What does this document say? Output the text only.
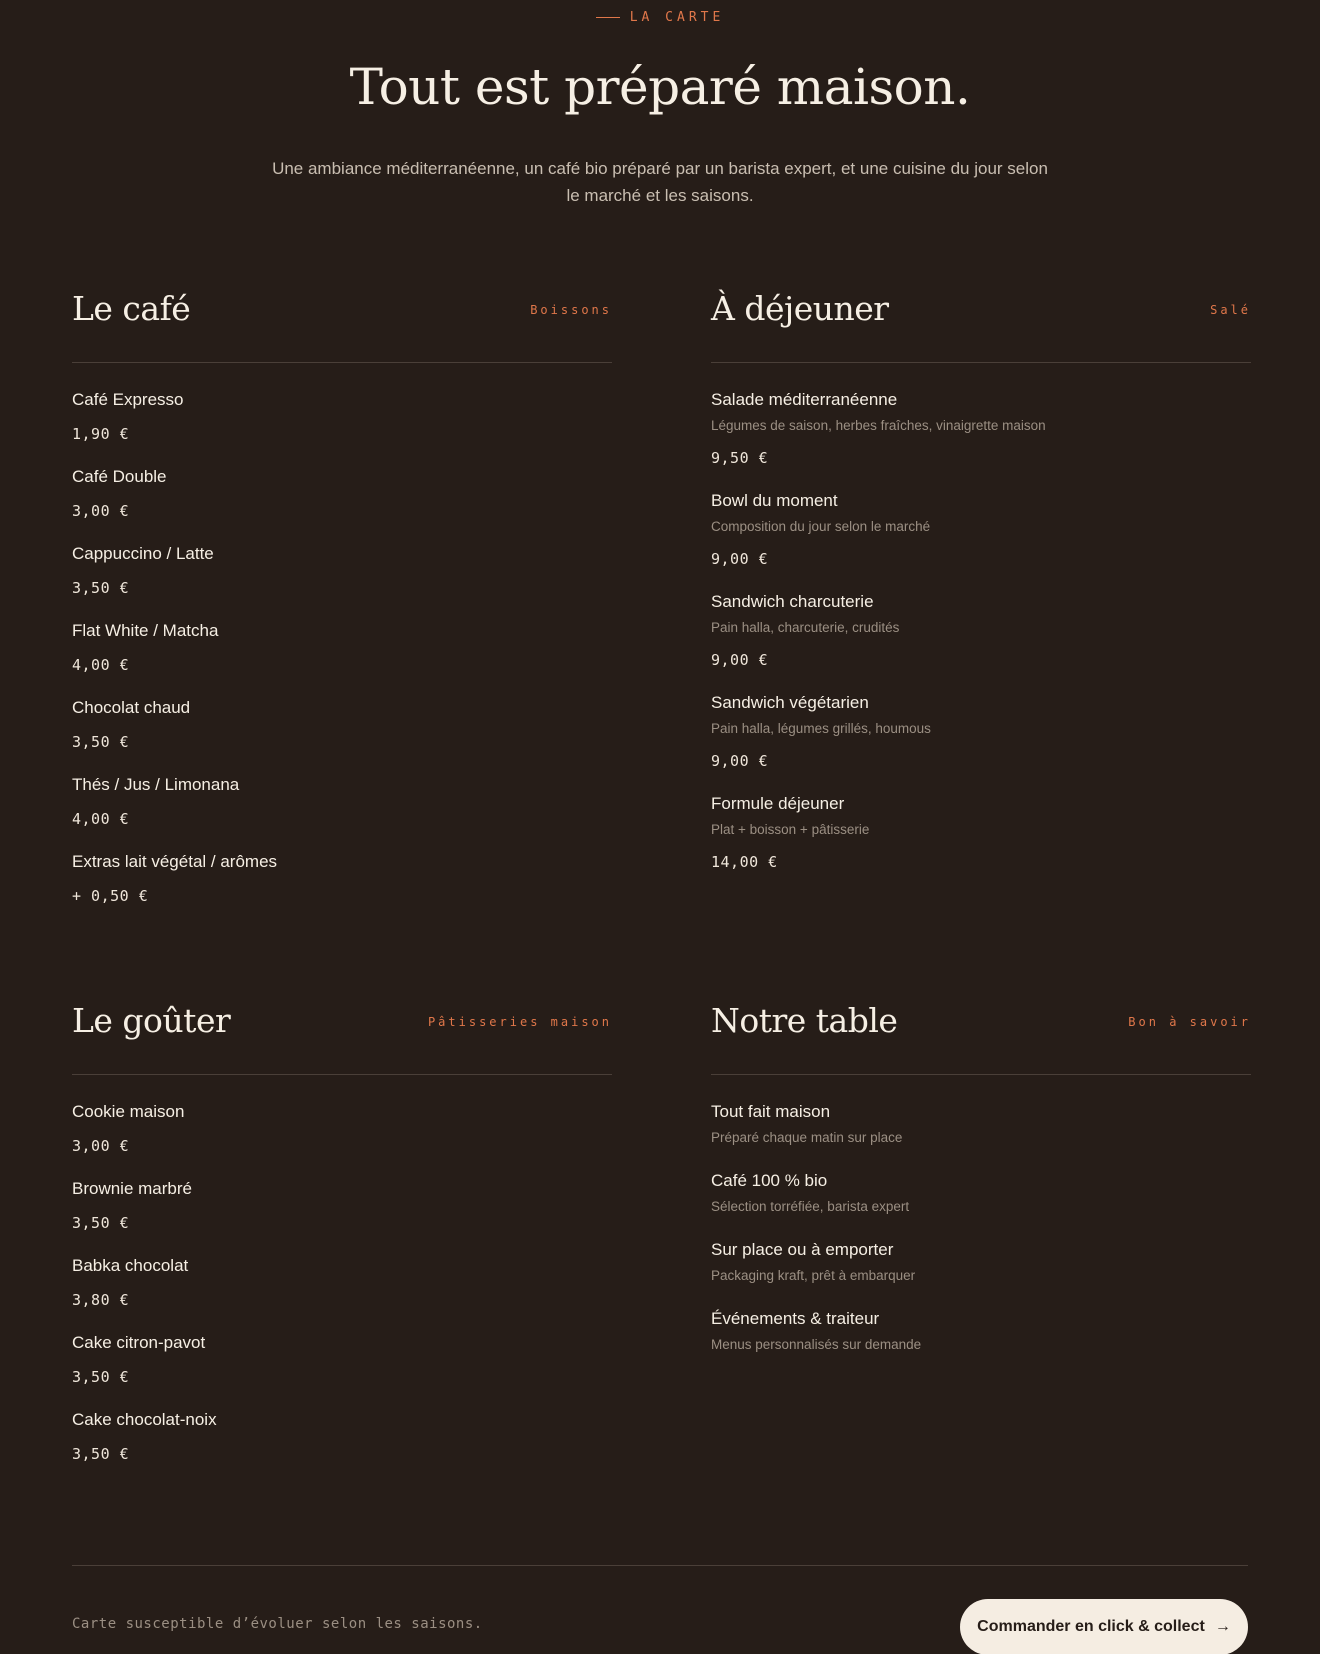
LA CARTE
Tout est préparé maison.

Une ambiance méditerranéenne, un café bio préparé par un barista expert, et une cuisine du jour selon le marché et les saisons.

Le café	Boissons
Café Expresso
1,90 €
Café Double
3,00 €
Cappuccino / Latte
3,50 €
Flat White / Matcha
4,00 €
Chocolat chaud
3,50 €
Thés / Jus / Limonana
4,00 €
Extras lait végétal / arômes
+ 0,50 €
À déjeuner	Salé
Salade méditerranéenne
Légumes de saison, herbes fraîches, vinaigrette maison
9,50 €
Bowl du moment
Composition du jour selon le marché
9,00 €
Sandwich charcuterie
Pain halla, charcuterie, crudités
9,00 €
Sandwich végétarien
Pain halla, légumes grillés, houmous
9,00 €
Formule déjeuner
Plat + boisson + pâtisserie
14,00 €
Le goûter	Pâtisseries maison
Cookie maison
3,00 €
Brownie marbré
3,50 €
Babka chocolat
3,80 €
Cake citron-pavot
3,50 €
Cake chocolat-noix
3,50 €
Notre table	Bon à savoir
Tout fait maison
Préparé chaque matin sur place
Café 100 % bio
Sélection torréfiée, barista expert
Sur place ou à emporter
Packaging kraft, prêt à embarquer
Événements & traiteur
Menus personnalisés sur demande

Carte susceptible d’évoluer selon les saisons.	Commander en click & collect →
